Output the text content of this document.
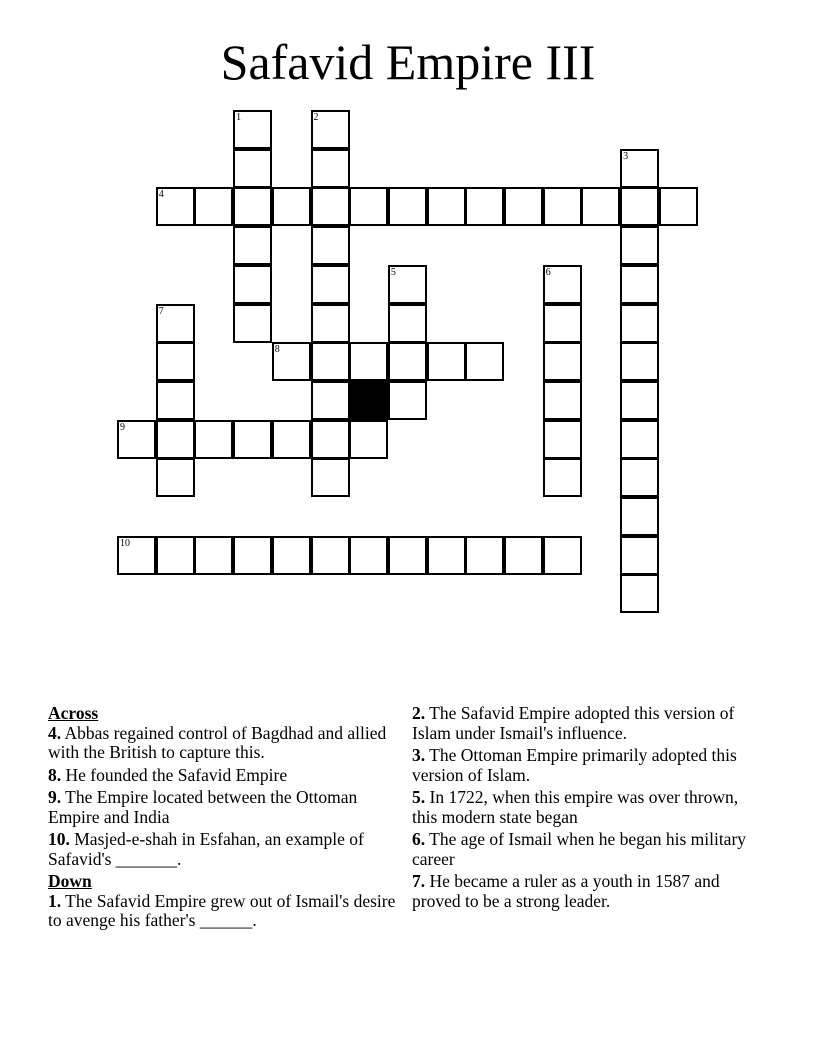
Safavid Empire III
1	2
3
4
5	6
7
8
9
10
Across
4. Abbas regained control of Bagdhad and allied with the British to capture this.
8. He founded the Safavid Empire
9. The Empire located between the Ottoman Empire and India
10. Masjed-e-shah in Esfahan, an example of Safavid's _______.
Down
1. The Safavid Empire grew out of Ismail's desire to avenge his father's ______.
2. The Safavid Empire adopted this version of Islam under Ismail's influence.
3. The Ottoman Empire primarily adopted this version of Islam.
5. In 1722, when this empire was over thrown, this modern state began
6. The age of Ismail when he began his military career
7. He became a ruler as a youth in 1587 and proved to be a strong leader.
